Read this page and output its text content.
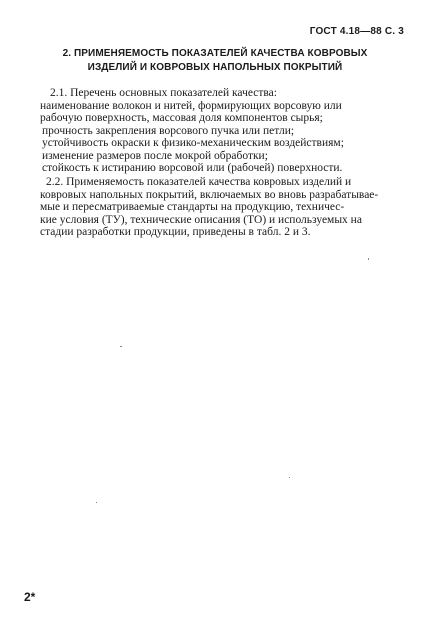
ГОСТ 4.18—88 С. 3
2. ПРИМЕНЯЕМОСТЬ ПОКАЗАТЕЛЕЙ КАЧЕСТВА КОВРОВЫХ
ИЗДЕЛИЙ И КОВРОВЫХ НАПОЛЬНЫХ ПОКРЫТИЙ
2.1. Перечень основных показателей качества:
наименование волокон и нитей, формирующих ворсовую или
рабочую поверхность, массовая доля компонентов сырья;
прочность закрепления ворсового пучка или петли;
устойчивость окраски к физико-механическим воздействиям;
изменение размеров после мокрой обработки;
стойкость к истиранию ворсовой или (рабочей) поверхности.
2.2. Применяемость показателей качества ковровых изделий и
ковровых напольных покрытий, включаемых во вновь разрабатывае-
мые и пересматриваемые стандарты на продукцию, техничес-
кие условия (ТУ), технические описания (ТО) и используемых на
стадии разработки продукции, приведены в табл. 2 и 3.
2*
